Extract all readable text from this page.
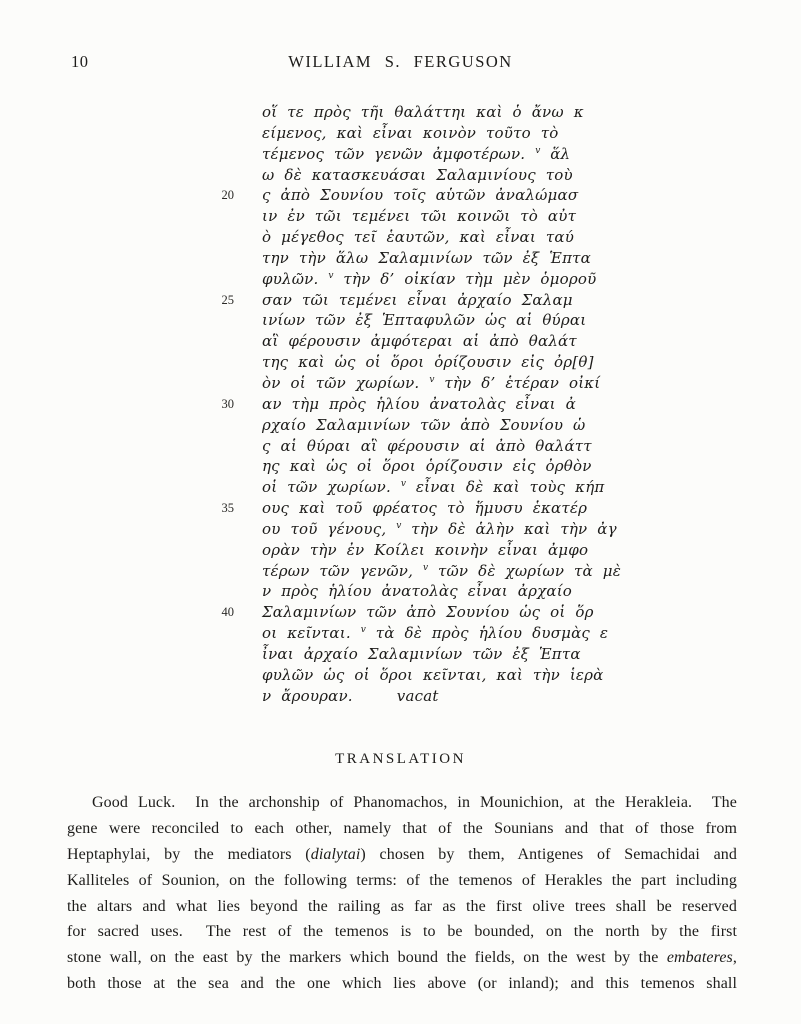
10	WILLIAM S. FERGUSON
οἵ τε πρὸς τῆι θαλάττηι καὶ ὁ ἄνω κ
είμενος, καὶ εἶναι κοινὸν τοῦτο τὸ
τέμενος τῶν γενῶν ἀμφοτέρων. $^v$ ἅλ
ω δὲ κατασκευάσαι Σαλαμινίους τοὺ
20 ς ἀπὸ Σουνίου τοῖς αὑτῶν ἀναλώμασ
ιν ἐν τῶι τεμένει τῶι κοινῶι τὸ αὐτ
ὸ μέγεθος τεῖ ἑαυτῶν, καὶ εἶναι ταύ
την τὴν ἅλω Σαλαμινίων τῶν ἐξ Ἑπτα
φυλῶν. $^v$ τὴν δ’ οἰκίαν τὴμ μὲν ὁμοροῦ
25 σαν τῶι τεμένει εἶναι ἀρχαίο Σαλαμ
ινίων τῶν ἐξ Ἑπταφυλῶν ὡς αἱ θύραι
αἳ φέρουσιν ἀμφότεραι αἱ ἀπὸ θαλάτ
της καὶ ὡς οἱ ὅροι ὁρίζουσιν εἰς ὀρ[θ]
ὸν οἱ τῶν χωρίων. $^v$ τὴν δ’ ἑτέραν οἰκί
30 αν τὴμ πρὸς ἡλίου ἀνατολὰς εἶναι ἀ
ρχαίο Σαλαμινίων τῶν ἀπὸ Σουνίου ὡ
ς αἱ θύραι αἳ φέρουσιν αἱ ἀπὸ θαλάττ
ης καὶ ὡς οἱ ὅροι ὁρίζουσιν εἰς ὀρθὸν
οἱ τῶν χωρίων. $^v$ εἶναι δὲ καὶ τοὺς κήπ
35 ους καὶ τοῦ φρέατος τὸ ἥμυσυ ἑκατέρ
ου τοῦ γένους, $^v$ τὴν δὲ ἁλὴν καὶ τὴν ἀγ
ορὰν τὴν ἐν Κοίλει κοινὴν εἶναι ἀμφο
τέρων τῶν γενῶν, $^v$ τῶν δὲ χωρίων τὰ μὲ
ν πρὸς ἡλίου ἀνατολὰς εἶναι ἀρχαίο
40 Σαλαμινίων τῶν ἀπὸ Σουνίου ὡς οἱ ὅρ
οι κεῖνται. $^v$ τὰ δὲ πρὸς ἡλίου δυσμὰς ε
ἶναι ἀρχαίο Σαλαμινίων τῶν ἐξ Ἑπτα
φυλῶν ὡς οἱ ὅροι κεῖνται, καὶ τὴν ἱερὰ
ν ἄρουραν.	vacat
TRANSLATION
Good Luck.  In the archonship of Phanomachos, in Mounichion, at the Herakleia.  The
gene were reconciled to each other, namely that of the Sounians and that of those from
Heptaphylai, by the mediators (dialytai) chosen by them, Antigenes of Semachidai and
Kalliteles of Sounion, on the following terms: of the temenos of Herakles the part including
the altars and what lies beyond the railing as far as the first olive trees shall be reserved
for sacred uses.  The rest of the temenos is to be bounded, on the north by the first
stone wall, on the east by the markers which bound the fields, on the west by the embateres,
both those at the sea and the one which lies above (or inland); and this temenos shall
